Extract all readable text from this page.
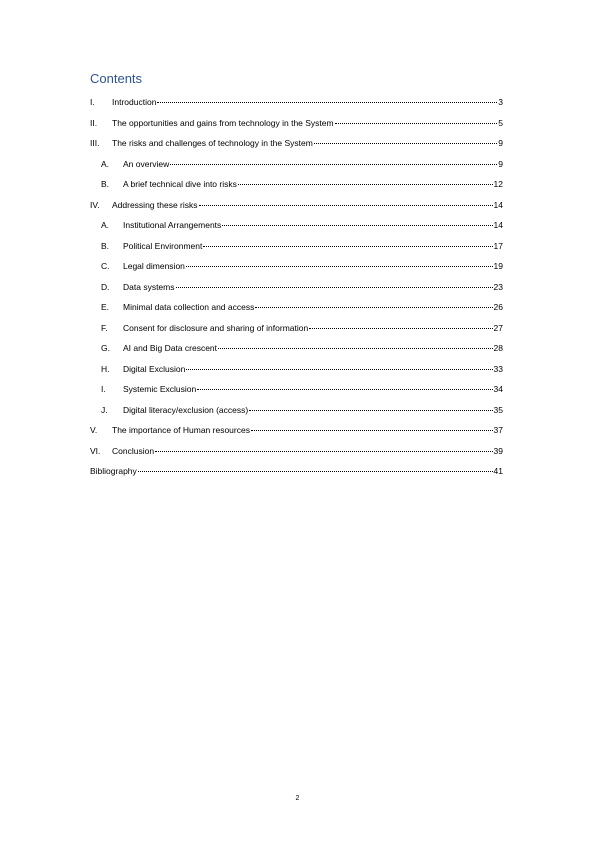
Contents
I.	Introduction	3
II.	The opportunities and gains from technology in the System	5
III.	The risks and challenges of technology in the System	9
A.	An overview	9
B.	A brief technical dive into risks	12
IV.	Addressing these risks	14
A.	Institutional Arrangements	14
B.	Political Environment	17
C.	Legal dimension	19
D.	Data systems	23
E.	Minimal data collection and access	26
F.	Consent for disclosure and sharing of information	27
G.	AI and Big Data crescent	28
H.	Digital Exclusion	33
I.	Systemic Exclusion	34
J.	Digital literacy/exclusion (access)	35
V.	The importance of Human resources	37
VI.	Conclusion	39
Bibliography	41
2
